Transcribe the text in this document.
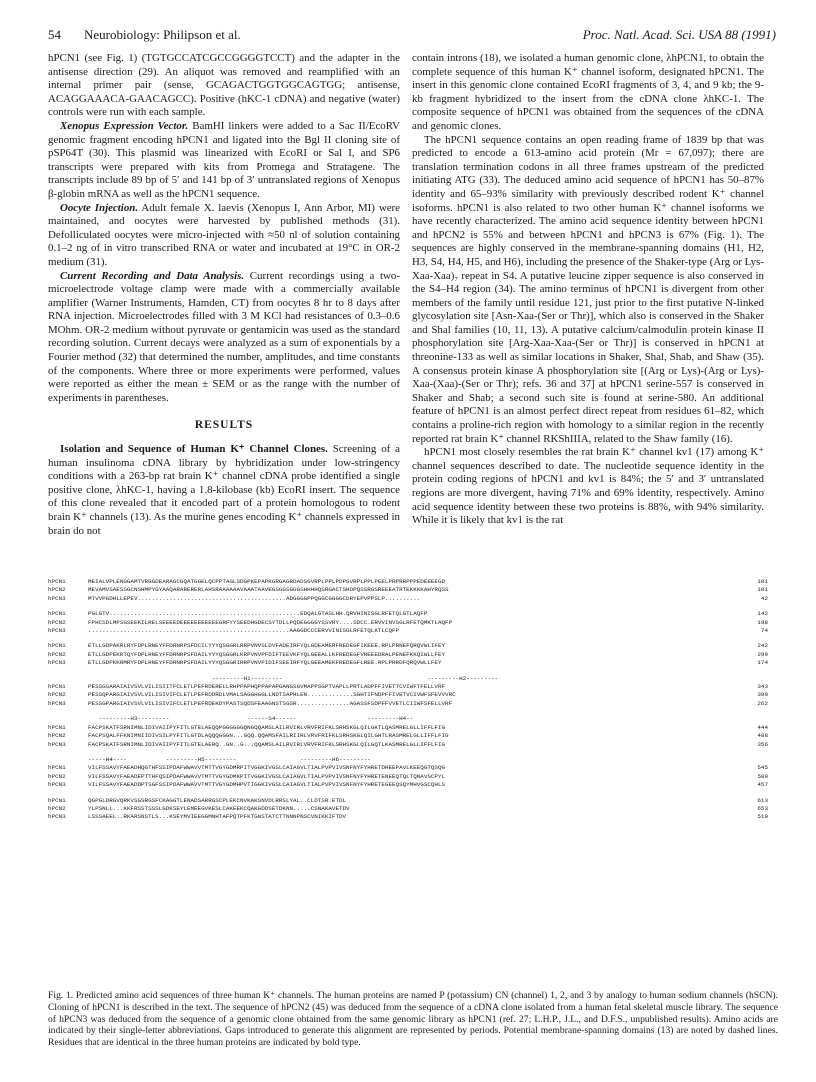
54 Neurobiology: Philipson et al.	Proc. Natl. Acad. Sci. USA 88 (1991)

hPCN1 (see Fig. 1) (TGTGCCATCGCCGGGGTCCT) and the adapter in the antisense direction (29). An aliquot was removed and reamplified with an internal primer pair (sense, GCAGACTGGTGGCAGTGG; antisense, ACAGGAAACA-GAACAGCC). Positive (hKC-1 cDNA) and negative (water) controls were run with each sample.

Xenopus Expression Vector. BamHI linkers were added to a Sac II/EcoRV genomic fragment encoding hPCN1 and ligated into the Bgl II cloning site of pSP64T (30). This plasmid was linearized with EcoRI or Sal I, and SP6 transcripts were prepared with kits from Promega and Stratagene. The transcripts include 89 bp of 5′ and 141 bp of 3′ untranslated regions of Xenopus β-globin mRNA as well as the hPCN1 sequence.

Oocyte Injection. Adult female X. laevis (Xenopus I, Ann Arbor, MI) were maintained, and oocytes were harvested by published methods (31). Defolliculated oocytes were micro-injected with ≈50 nl of solution containing 0.1–2 ng of in vitro transcribed RNA or water and incubated at 19°C in OR-2 medium (31).

Current Recording and Data Analysis. Current recordings using a two-microelectrode voltage clamp were made with a commercially available amplifier (Warner Instruments, Hamden, CT) from oocytes 8 hr to 8 days after RNA injection. Microelectrodes filled with 3 M KCl had resistances of 0.3–0.6 MOhm. OR-2 medium without pyruvate or gentamicin was used as the standard recording solution. Current decays were analyzed as a sum of exponentials by a Fourier method (32) that determined the number, amplitudes, and time constants of the components. Where three or more experiments were performed, values were reported as either the mean ± SEM or as the range with the number of experiments in parentheses.

RESULTS

Isolation and Sequence of Human K⁺ Channel Clones. Screening of a human insulinoma cDNA library by hybridization under low-stringency conditions with a 263-bp rat brain K⁺ channel cDNA probe identified a single positive clone, λhKC-1, having a 1.8-kilobase (kb) EcoRI insert. The sequence of this clone revealed that it encoded part of a protein homologous to rodent brain K⁺ channels (13). As the murine genes encoding K⁺ channels expressed in brain do not

contain introns (18), we isolated a human genomic clone, λhPCN1, to obtain the complete sequence of this human K⁺ channel isoform, designated hPCN1. The insert in this genomic clone contained EcoRI fragments of 3, 4, and 9 kb; the 9-kb fragment hybridized to the insert from the cDNA clone λhKC-1. The composite sequence of hPCN1 was obtained from the sequences of the cDNA and genomic clones.

The hPCN1 sequence contains an open reading frame of 1839 bp that was predicted to encode a 613-amino acid protein (Mr = 67,097); there are translation termination codons in all three frames upstream of the predicted initiating ATG (33). The deduced amino acid sequence of hPCN1 has 50–87% identity and 65–93% similarity with previously described rodent K⁺ channel isoforms. hPCN1 is also related to two other human K⁺ channel isoforms we have recently characterized. The amino acid sequence identity between hPCN1 and hPCN2 is 55% and between hPCN1 and hPCN3 is 67% (Fig. 1). The sequences are highly conserved in the membrane-spanning domains (H1, H2, H3, S4, H4, H5, and H6), including the presence of the Shaker-type (Arg or Lys-Xaa-Xaa)₇ repeat in S4. A putative leucine zipper sequence is also conserved in the S4–H4 region (34). The amino terminus of hPCN1 is divergent from other members of the family until residue 121, just prior to the first putative N-linked glycosylation site [Asn-Xaa-(Ser or Thr)], which also is conserved in the Shaker and Shal families (10, 11, 13). A putative calcium/calmodulin protein kinase II phosphorylation site [Arg-Xaa-Xaa-(Ser or Thr)] is conserved in hPCN1 at threonine-133 as well as similar locations in Shaker, Shal, Shab, and Shaw (35). A consensus protein kinase A phosphorylation site [(Arg or Lys)-(Arg or Lys)-Xaa-(Xaa)-(Ser or Thr); refs. 36 and 37] at hPCN1 serine-557 is conserved in Shaker and Shab; a second such site is found at serine-580. An additional feature of hPCN1 is an almost perfect direct repeat from residues 61–82, which contains a proline-rich region with homology to a similar region in the recently reported rat brain K⁺ channel RKShIIIA, related to the Shaw family (16).

hPCN1 most closely resembles the rat brain K⁺ channel kv1 (17) among K⁺ channel sequences described to date. The nucleotide sequence identity in the protein coding regions of hPCN1 and kv1 is 84%; the 5′ and 3′ untranslated regions are more divergent, having 71% and 69% identity, respectively. Amino acid sequence identity between these two proteins is 88%, with 94% similarity. While it is likely that kv1 is the rat

hPCN1	MEIALVPLENGGAMTVRGGDEARAGCGQATGGELQCPPTAGLSDGPKEPAPKGRGAGRDADSGVRPLPPLPDPGVRPLPPLPEELPRPRRPPPEDEEEEGD	101
hPCN2	MEVAMVSAESSGCNSHMPYGYAAQARARERERLAHSRAAAAAAVAAATAAVEGSGGSGGGSHHHHQSRGACTSHDPQSSRGSREEEATRTEKKKKAHYRQSS	101
hPCN3	MTVVPGDHLLEPEV..........................................ADGGGGPPQGGCGGGGCDRYEPVPPSLP..........	42
hPCN1	PGLGTV......................................................EDQALGTASLHH.QRVHINISGLRFETQLGTLAQFP	142
hPCN2	FPHCSDLMPSGSEEKILRELSEEEEDEEEEEEEEEEEGRFYYSEEDHGDECSYTDLLPQDEGGGGYSSVRY....SDCC.ERVVINVSGLRFETQMKTLAQFP	198
hPCN3	.........................................................AAGGDCCCERVVINISGLRFETQLKTLCQFP	74
hPCN1	ETLLGDPAKRLRYFDPLRNEYFFDRNRPSFDCILYYYQSGGRLRRPVNVSLDVFADEIRFYQLGDEAMERFREDEGFIKEEE.RPLPRNEFQRQVWLIFEY	242
hPCN2	ETLLGDPEKRTQYFDPLRNEYFFDRNRPSFDAILYYYQSGGRLKRPVNVPFDIFTEEVKFYQLGEEALLKFREDEGFVREEEDRALPENEFKKQIWLLFEY	299
hPCN3	ETLLGDPKKRMRYFDPLRNEYFFDRNRPSFDAILYYYQSGGRIRRPVNVPIDIFSEEIRFYQLGEEAMEKFREDEGFLREE.RPLPRRDFQRQVWLLFEY	174
---------H1---------                                         ---------H2---------
hPCN1	PESSGSARAIAIVSVLVILISIITFCLETLPEFRDERELLRHPPAPHQPPAPAPGANGSGVMAPPSGPTVAPLLPRTLADPFFIVETTCVIWFTFELLVRF	343
hPCN2	PESSQPARGIAIVSVLVILISIVIFCLETLPEFRDDRDLVMALSAGGHGGLLNDTSAPHLEN.............SGHTIFNDPFFIVETVCIVWFSFEVVVRC	390
hPCN3	PESSGPARGIAIVSVLVILISIVIFCLETLPEFRDEKDYPASTSQDSFEAAGNSTSGSR...............AGASSFSDPFFVVETLCIIWFSFELLVRF	262
---------H3---------                      ------S4------                    ---------H4--
hPCN1	FACPSKATFSRNIMNLIDIVAIIPYFITLGTELAEQQPGGGGGGQNGQQAMSLAILRVIRLVRVFRIFKLSRHSKGLQILGKTLQASMRELGLLIFFLFIG	444
hPCN2	FACPSQALFFKNIMNIIDIVSILPYFITLGTDLAQQQGGGN...GQQ.QQAMSFAILRIIRLVRVFRIFKLSRHSKGLQILGHTLRASMRELGLLIFFLFIG	488
hPCN3	FACPSKATFSRNIMNLIDIVAIIPYFITLGTELAERQ..GN..G...QQAMSLAILRVIRLVRVFRIFKLSRHSKGLQILGQTLKASMRELGLLIFFLFIG	356
-----H4----           ---------H5---------                  ---------H6---------
hPCN1	VILFSSAVYFAEADHQGTHFSSIPDAFWWAVVTMTTVGYGDMRPITVGGKIVGSLCAIAGVLTIALPVPVIVSNFNYFYHRETDHEEPAVLKEEQGTQSQG	545
hPCN2	VILFSSAVYFAEADEPTTHFQSIPDAFWWAVVTMTTVGYGDMKPITVGGKIVGSLCAIAGVLTIALPVPVIVSNFNYFYHRETENEEQTQLTQNAVSCPYL	589
hPCN3	VILFSSAVYFAEADDPTSGFSSIPDAFWWAVVTMTTVGYGDMHPVTIGGKIVGSLCAIAGVLTIALPVPVIVSNFNYFYHRETEGEEQSQYMHVGSCQHLS	457
hPCN1	QGPGLDRGVQRKVSGSRGSFCKAGGTLENADSARRGSCPLEKCNVKAKSNVDLRRSLYAL..CLDTSR.ETDL	613
hPCN2	YLPSNLL...KKFRSSTSSSLGDKSEYLEMEEGVKESLCAKEEKCQAKGDDSETDKNN.....CSNAKAVETDV	653
hPCN3	LSSSAEEL..RKARSNSTLS...KSEYMVIEEGGMNHTAFPQTPFKTGNSTATCTTNNNPNSCVNIKKIFTDV	519
Fig. 1. Predicted amino acid sequences of three human K⁺ channels. The human proteins are named P (potassium) CN (channel) 1, 2, and 3 by analogy to human sodium channels (hSCN). Cloning of hPCN1 is described in the text. The sequence of hPCN2 (45) was deduced from the sequence of a cDNA clone isolated from a human fetal skeletal muscle library. The sequence of hPCN3 was deduced from the sequence of a genomic clone obtained from the same genomic library as hPCN1 (ref. 27; L.H.P., J.L., and D.F.S., unpublished results). Amino acids are indicated by their single-letter abbreviations. Gaps introduced to generate this alignment are represented by periods. Potential membrane-spanning domains (13) are noted by dashed lines. Residues that are identical in the three human proteins are indicated by bold type.
